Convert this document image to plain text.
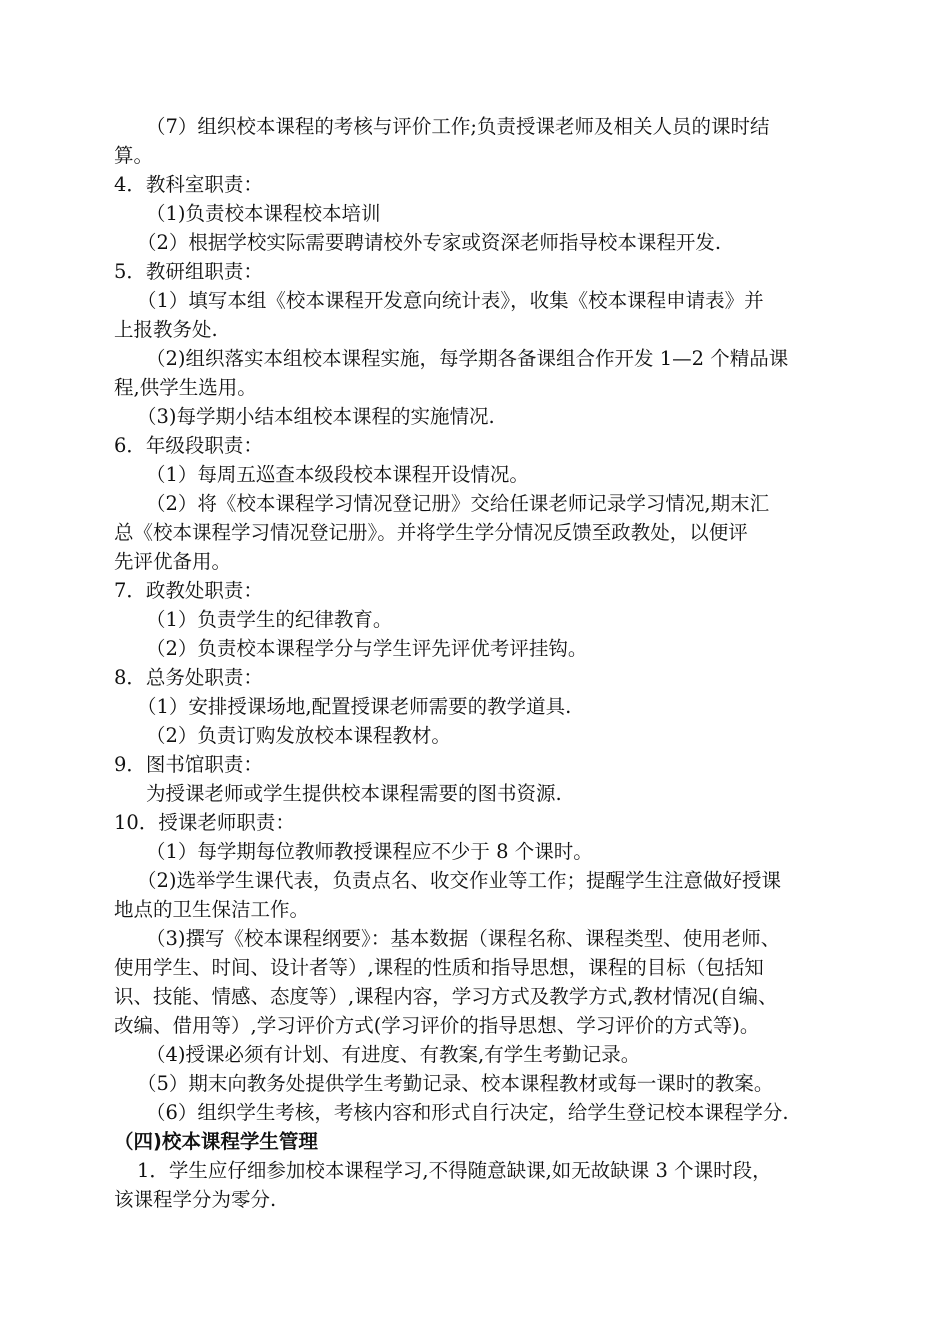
（7）组织校本课程的考核与评价工作;负责授课老师及相关人员的课时结
算。
4．教科室职责：
（1)负责校本课程校本培训
（2）根据学校实际需要聘请校外专家或资深老师指导校本课程开发.
5．教研组职责：
（1）填写本组《校本课程开发意向统计表》，收集《校本课程申请表》并
上报教务处.
（2)组织落实本组校本课程实施，每学期各备课组合作开发 1—2 个精品课
程,供学生选用。
（3)每学期小结本组校本课程的实施情况.
6．年级段职责：
（1）每周五巡查本级段校本课程开设情况。
（2）将《校本课程学习情况登记册》交给任课老师记录学习情况,期末汇
总《校本课程学习情况登记册》。并将学生学分情况反馈至政教处，以便评
先评优备用。
7．政教处职责：
（1）负责学生的纪律教育。
（2）负责校本课程学分与学生评先评优考评挂钩。
8．总务处职责：
（1）安排授课场地,配置授课老师需要的教学道具.
（2）负责订购发放校本课程教材。
9．图书馆职责：
为授课老师或学生提供校本课程需要的图书资源.
10．授课老师职责：
（1）每学期每位教师教授课程应不少于 8 个课时。
（2)选举学生课代表，负责点名、收交作业等工作；提醒学生注意做好授课
地点的卫生保洁工作。
（3)撰写《校本课程纲要》：基本数据（课程名称、课程类型、使用老师、
使用学生、时间、设计者等）,课程的性质和指导思想，课程的目标（包括知
识、技能、情感、态度等）,课程内容，学习方式及教学方式,教材情况(自编、
改编、借用等）,学习评价方式(学习评价的指导思想、学习评价的方式等)。
（4)授课必须有计划、有进度、有教案,有学生考勤记录。
（5）期末向教务处提供学生考勤记录、校本课程教材或每一课时的教案。
（6）组织学生考核，考核内容和形式自行决定，给学生登记校本课程学分.
（四)校本课程学生管理
1．学生应仔细参加校本课程学习,不得随意缺课,如无故缺课 3 个课时段，
该课程学分为零分.
